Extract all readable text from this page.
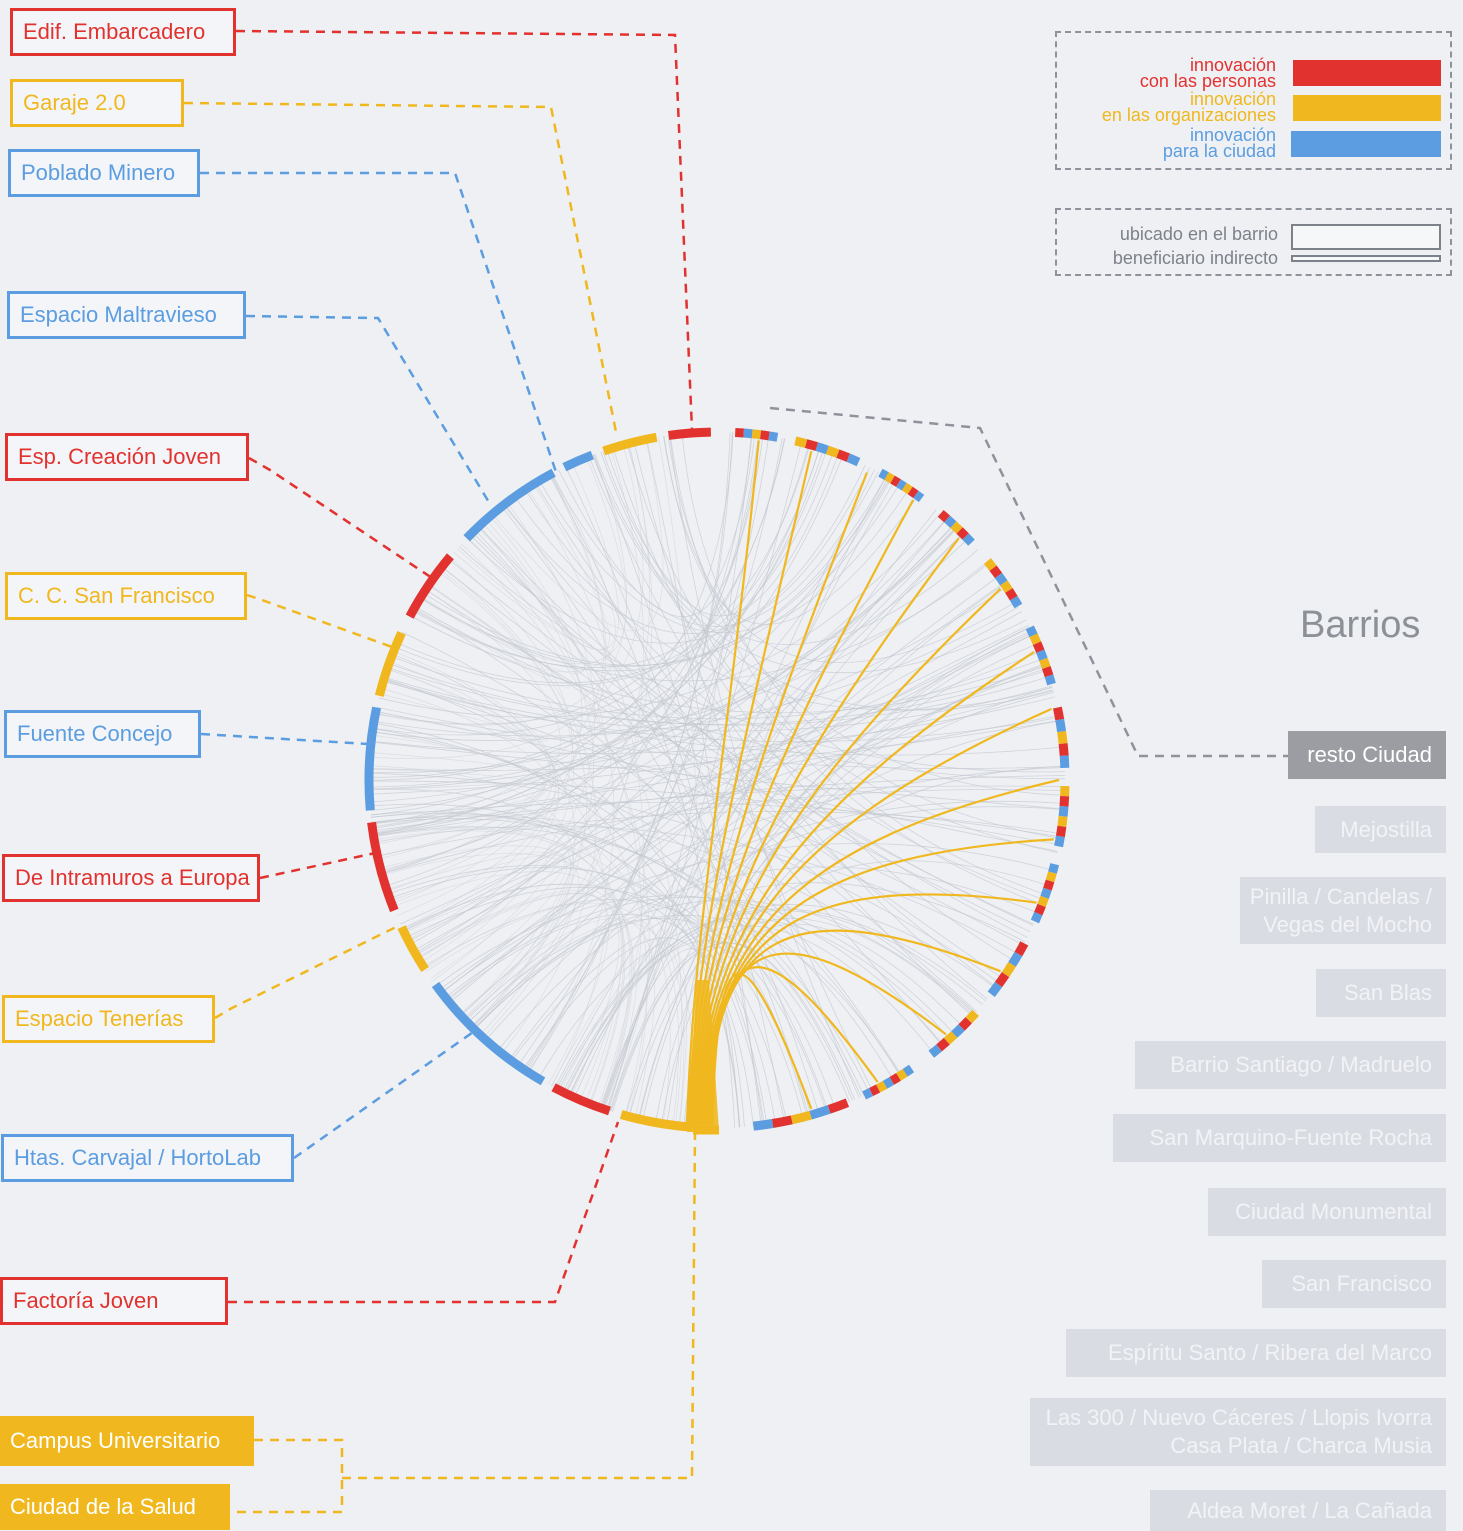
innovación
con las personas
innovación
en las organizaciones
innovación
para la ciudad
ubicado en el barrio
beneficiario indirecto
Barrios
Edif. Embarcadero
Garaje 2.0
Poblado Minero
Espacio Maltravieso
Esp. Creación Joven
C. C. San Francisco
Fuente Concejo
De Intramuros a Europa
Espacio Tenerías
Htas. Carvajal / HortoLab
Factoría Joven
Campus Universitario
Ciudad de la Salud
resto Ciudad
Mejostilla
Pinilla / Candelas /
Vegas del Mocho
San Blas
Barrio Santiago / Madruelo
San Marquino-Fuente Rocha
Ciudad Monumental
San Francisco
Espíritu Santo / Ribera del Marco
Las 300 / Nuevo Cáceres / Llopis Ivorra
Casa Plata / Charca Musia
Aldea Moret / La Cañada
